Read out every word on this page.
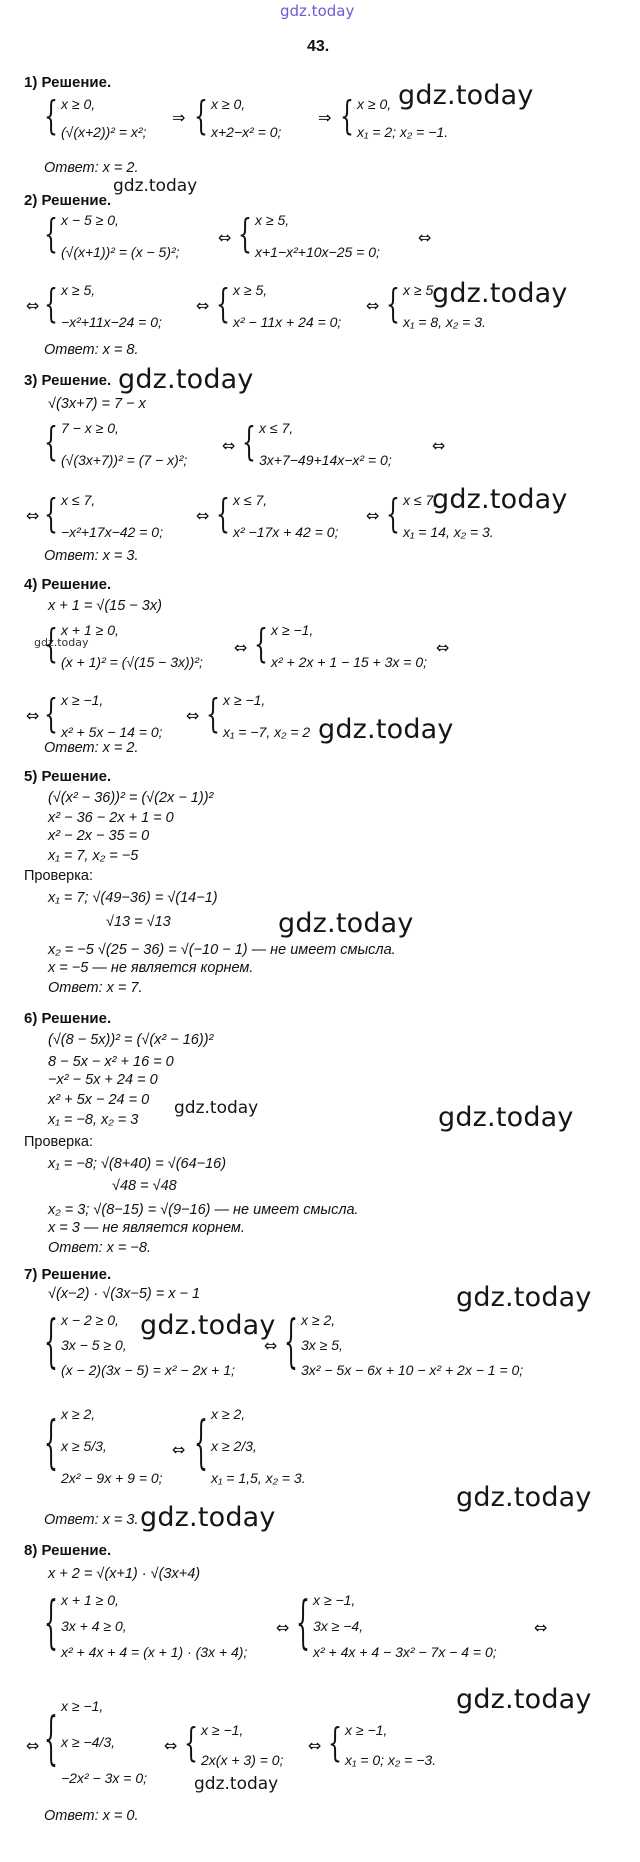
gdz.today
43.
1) Решение.
{ x ≥ 0,
(√(x+2))² = x²;
⇒ { x ≥ 0,
x+2−x² = 0;
⇒ { x ≥ 0,
x₁ = 2; x₂ = −1.
gdz.today
Ответ: x = 2.
gdz.today
2) Решение.
{ x − 5 ≥ 0,
(√(x+1))² = (x − 5)²;
⇔ { x ≥ 5,
x+1−x²+10x−25 = 0;
⇔
⇔ { x ≥ 5,
−x²+11x−24 = 0;
⇔ { x ≥ 5,
x² − 11x + 24 = 0;
⇔ { x ≥ 5,
x₁ = 8, x₂ = 3.
gdz.today
Ответ: x = 8.
3) Решение. gdz.today
√(3x+7) = 7 − x
{ 7 − x ≥ 0,
(√(3x+7))² = (7 − x)²;
⇔ { x ≤ 7,
3x+7−49+14x−x² = 0;
⇔
⇔ { x ≤ 7,
−x²+17x−42 = 0;
⇔ { x ≤ 7,
x² −17x + 42 = 0;
⇔ { x ≤ 7,
x₁ = 14, x₂ = 3.
gdz.today
Ответ: x = 3.
4) Решение.
x + 1 = √(15 − 3x)
gdz.today
{ x + 1 ≥ 0,
(x + 1)² = (√(15 − 3x))²;
⇔ { x ≥ −1,
x² + 2x + 1 − 15 + 3x = 0;
⇔
⇔ { x ≥ −1,
x² + 5x − 14 = 0;
⇔ { x ≥ −1,
x₁ = −7, x₂ = 2 gdz.today
Ответ: x = 2.
5) Решение.
(√(x² − 36))² = (√(2x − 1))²
x² − 36 − 2x + 1 = 0
x² − 2x − 35 = 0
x₁ = 7, x₂ = −5
Проверка:
x₁ = 7; √(49−36) = √(14−1)
√13 = √13	gdz.today
x₂ = −5 √(25 − 36) = √(−10 − 1) — не имеет смысла.
x = −5 — не является корнем.
Ответ: x = 7.
6) Решение.
(√(8 − 5x))² = (√(x² − 16))²
8 − 5x − x² + 16 = 0
−x² − 5x + 24 = 0
x² + 5x − 24 = 0
x₁ = −8, x₂ = 3
gdz.today	gdz.today
Проверка:
x₁ = −8; √(8+40) = √(64−16)
√48 = √48
x₂ = 3; √(8−15) = √(9−16) — не имеет смысла.
x = 3 — не является корнем.
Ответ: x = −8.
7) Решение.
√(x−2) · √(3x−5) = x − 1	gdz.today
{ x − 2 ≥ 0,
3x − 5 ≥ 0,
(x − 2)(3x − 5) = x² − 2x + 1;
gdz.today
⇔ { x ≥ 2,
3x ≥ 5,
3x² − 5x − 6x + 10 − x² + 2x − 1 = 0;
{ x ≥ 2,
x ≥ 5/3,
2x² − 9x + 9 = 0;
⇔ { x ≥ 2,
x ≥ 2/3,
x₁ = 1,5, x₂ = 3.
gdz.today
Ответ: x = 3. gdz.today
8) Решение.
x + 2 = √(x+1) · √(3x+4)
{ x + 1 ≥ 0,
3x + 4 ≥ 0,
x² + 4x + 4 = (x + 1) · (3x + 4);
⇔ { x ≥ −1,
3x ≥ −4,
x² + 4x + 4 − 3x² − 7x − 4 = 0;
⇔
gdz.today
⇔ {
x ≥ −1,
x ≥ −4/3,
−2x² − 3x = 0;
⇔ { x ≥ −1,
2x(x + 3) = 0;
⇔ { x ≥ −1,
x₁ = 0; x₂ = −3.
gdz.today
Ответ: x = 0.
